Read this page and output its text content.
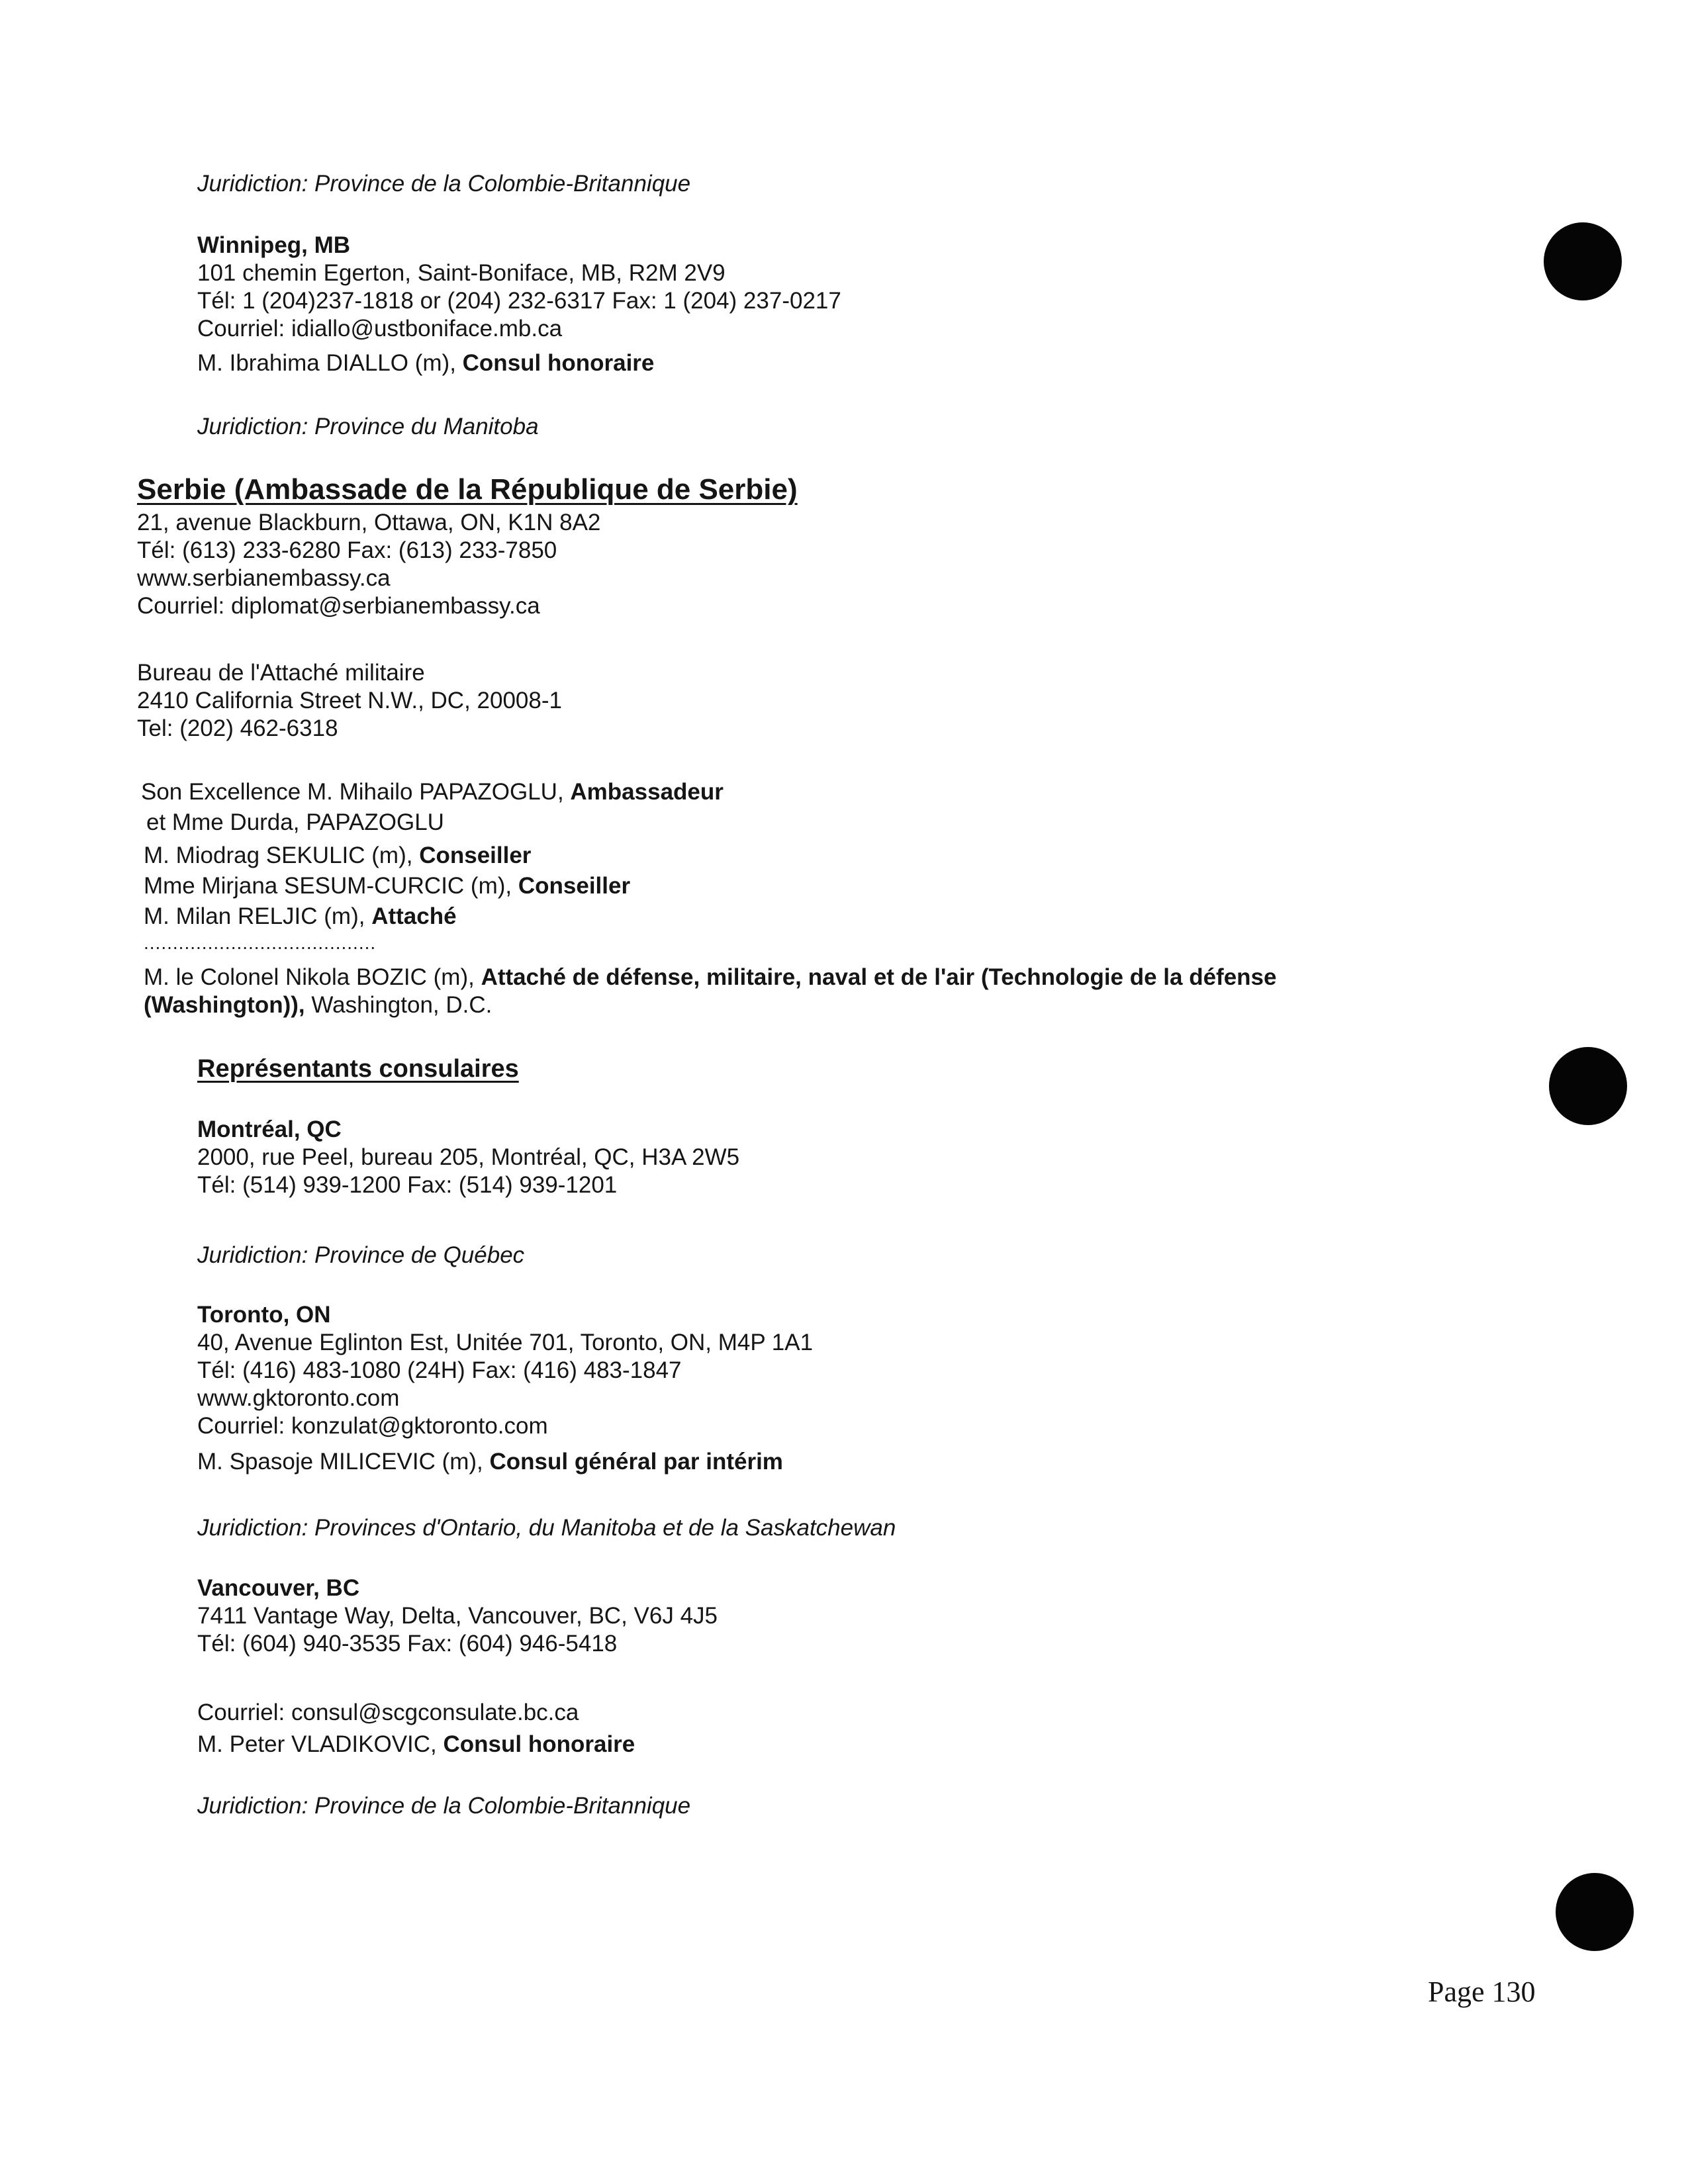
Juridiction: Province de la Colombie-Britannique
Winnipeg, MB
101 chemin Egerton, Saint-Boniface, MB, R2M 2V9
Tél: 1 (204)237-1818 or (204) 232-6317 Fax: 1 (204) 237-0217
Courriel: idiallo@ustboniface.mb.ca
M. Ibrahima DIALLO (m), Consul honoraire
Juridiction: Province du Manitoba
Serbie (Ambassade de la République de Serbie)
21, avenue Blackburn, Ottawa, ON, K1N 8A2
Tél: (613) 233-6280 Fax: (613) 233-7850
www.serbianembassy.ca
Courriel: diplomat@serbianembassy.ca
Bureau de l'Attaché militaire
2410 California Street N.W., DC, 20008-1
Tel: (202) 462-6318
Son Excellence M. Mihailo PAPAZOGLU, Ambassadeur
et Mme Durda, PAPAZOGLU
M. Miodrag SEKULIC (m), Conseiller
Mme Mirjana SESUM-CURCIC (m), Conseiller
M. Milan RELJIC (m), Attaché
........................................
M. le Colonel Nikola BOZIC (m), Attaché de défense, militaire, naval et de l'air (Technologie de la défense
(Washington)), Washington, D.C.
Représentants consulaires
Montréal, QC
2000, rue Peel, bureau 205, Montréal, QC, H3A 2W5
Tél: (514) 939-1200 Fax: (514) 939-1201
Juridiction: Province de Québec
Toronto, ON
40, Avenue Eglinton Est, Unitée 701, Toronto, ON, M4P 1A1
Tél: (416) 483-1080 (24H) Fax: (416) 483-1847
www.gktoronto.com
Courriel: konzulat@gktoronto.com
M. Spasoje MILICEVIC (m), Consul général par intérim
Juridiction: Provinces d'Ontario, du Manitoba et de la Saskatchewan
Vancouver, BC
7411 Vantage Way, Delta, Vancouver, BC, V6J 4J5
Tél: (604) 940-3535 Fax: (604) 946-5418
Courriel: consul@scgconsulate.bc.ca
M. Peter VLADIKOVIC, Consul honoraire
Juridiction: Province de la Colombie-Britannique
Page 130
